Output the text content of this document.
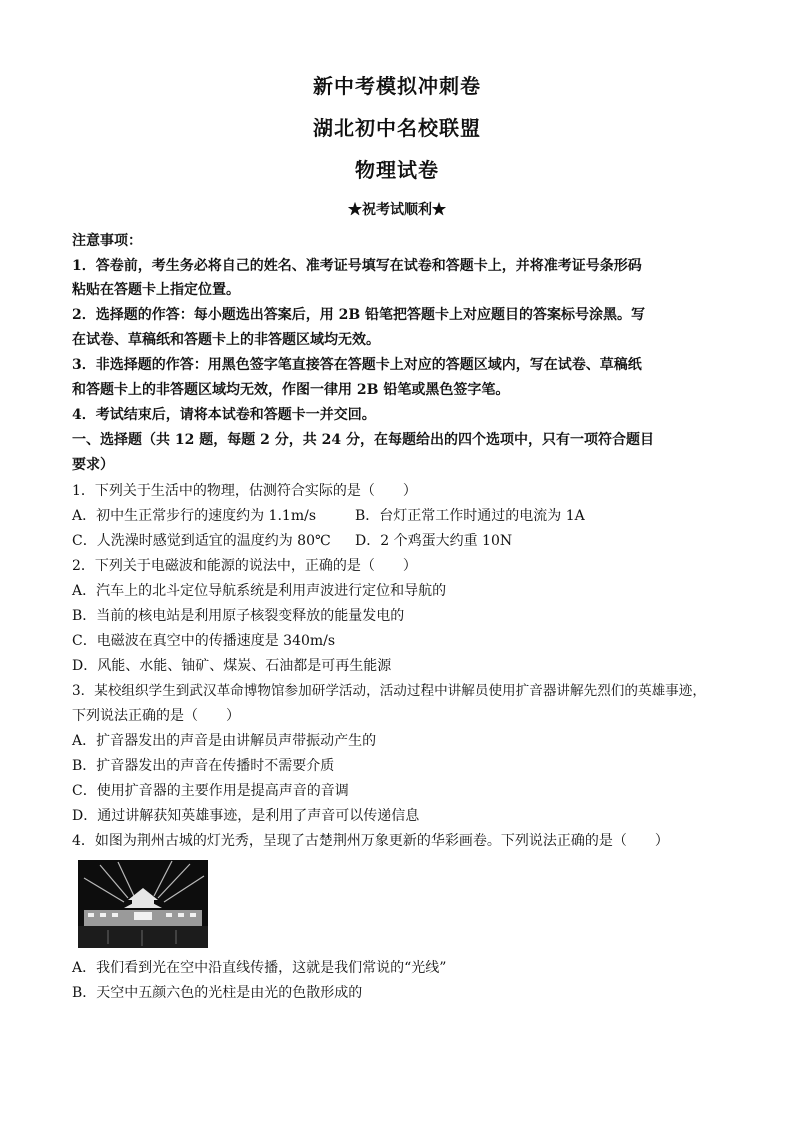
新中考模拟冲刺卷
湖北初中名校联盟
物理试卷
★祝考试顺利★
注意事项：
1．答卷前，考生务必将自己的姓名、准考证号填写在试卷和答题卡上，并将准考证号条形码
粘贴在答题卡上指定位置。
2．选择题的作答：每小题选出答案后，用 2B 铅笔把答题卡上对应题目的答案标号涂黑。写
在试卷、草稿纸和答题卡上的非答题区域均无效。
3．非选择题的作答：用黑色签字笔直接答在答题卡上对应的答题区域内，写在试卷、草稿纸
和答题卡上的非答题区域均无效，作图一律用 2B 铅笔或黑色签字笔。
4．考试结束后，请将本试卷和答题卡一并交回。
一、选择题（共 12 题，每题 2 分，共 24 分，在每题给出的四个选项中，只有一项符合题目
要求）
1．下列关于生活中的物理，估测符合实际的是（　　）
A．初中生正常步行的速度约为 1.1m/s	B．台灯正常工作时通过的电流为 1A
C．人洗澡时感觉到适宜的温度约为 80℃ D．2 个鸡蛋大约重 10N
2．下列关于电磁波和能源的说法中，正确的是（　　）
A．汽车上的北斗定位导航系统是利用声波进行定位和导航的
B．当前的核电站是利用原子核裂变释放的能量发电的
C．电磁波在真空中的传播速度是 340m/s
D．风能、水能、铀矿、煤炭、石油都是可再生能源
3．某校组织学生到武汉革命博物馆参加研学活动，活动过程中讲解员使用扩音器讲解先烈们的英雄事迹，
下列说法正确的是（　　）
A．扩音器发出的声音是由讲解员声带振动产生的
B．扩音器发出的声音在传播时不需要介质
C．使用扩音器的主要作用是提高声音的音调
D．通过讲解获知英雄事迹，是利用了声音可以传递信息
4．如图为荆州古城的灯光秀，呈现了古楚荆州万象更新的华彩画卷。下列说法正确的是（　　）
A．我们看到光在空中沿直线传播，这就是我们常说的“光线”
B．天空中五颜六色的光柱是由光的色散形成的
